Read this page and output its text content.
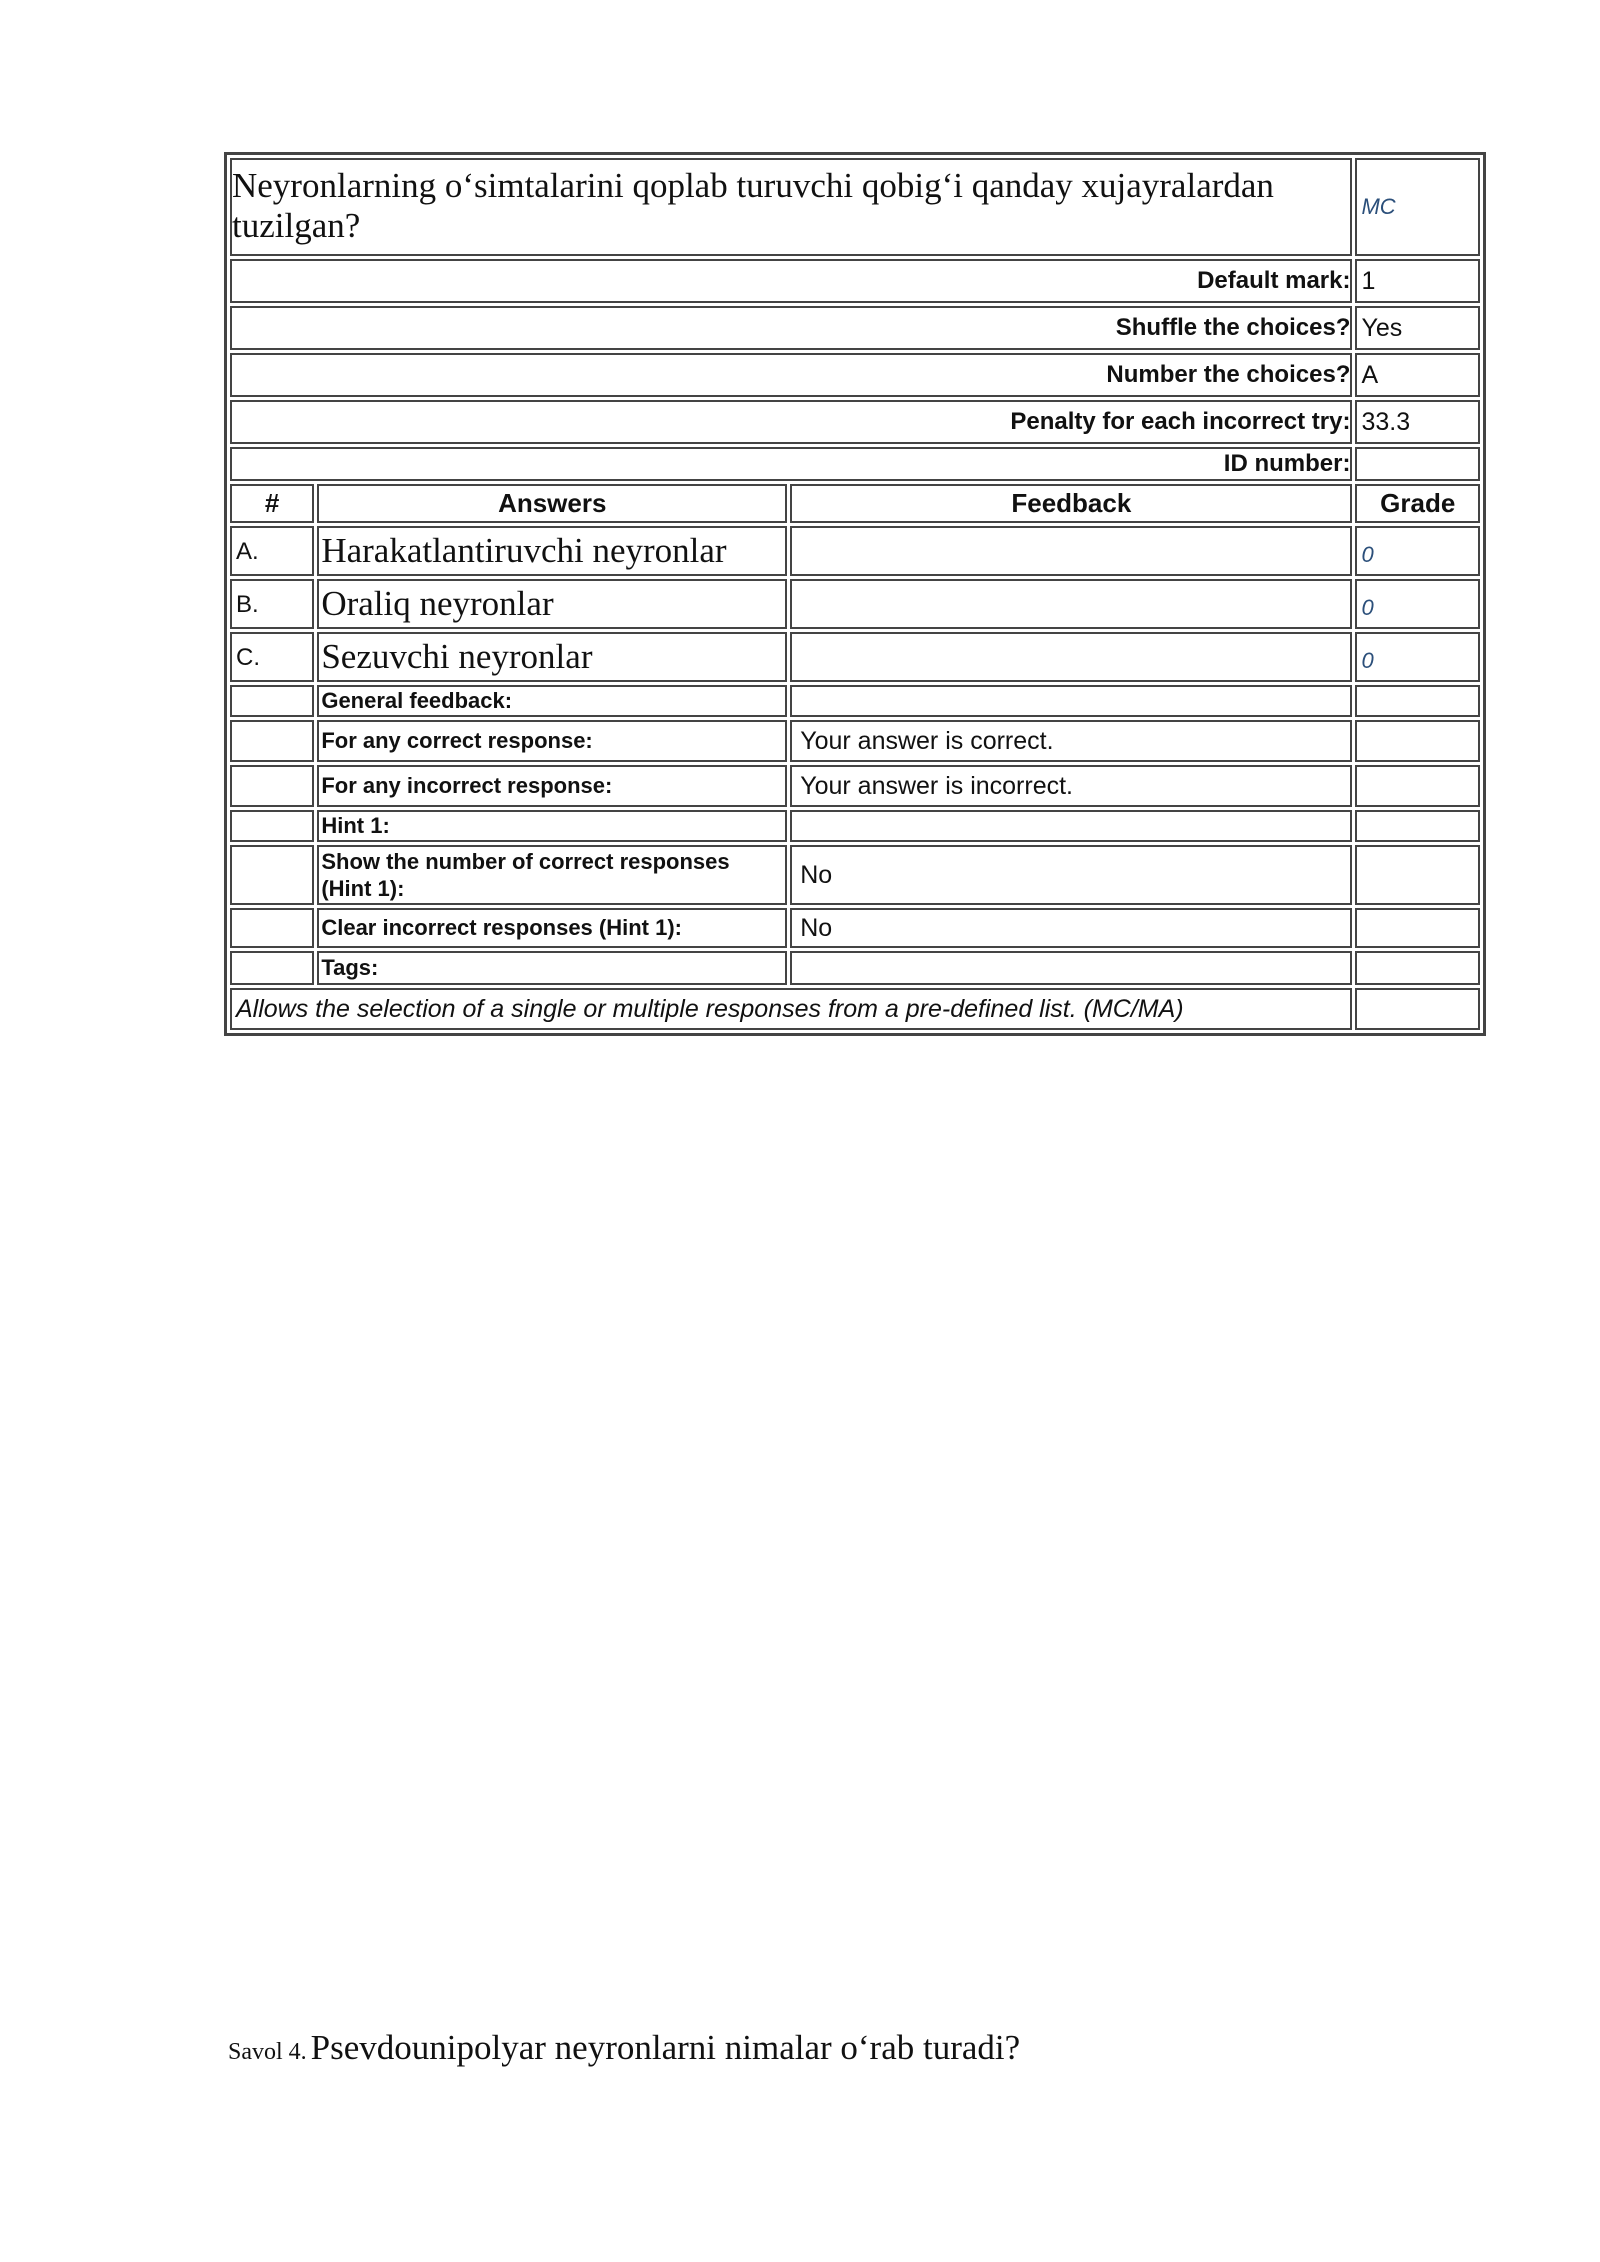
Neyronlarning o‘simtalarini qoplab turuvchi qobig‘i qanday xujayralardan tuzilgan?			MC
Default mark:			1
Shuffle the choices?			Yes
Number the choices?			A
Penalty for each incorrect try:			33.3
ID number:			
#	Answers	Feedback	Grade
A.	Harakatlantiruvchi neyronlar		0
B.	Oraliq neyronlar		0
C.	Sezuvchi neyronlar		0
	General feedback:		
	For any correct response:	Your answer is correct.	
	For any incorrect response:	Your answer is incorrect.	
	Hint 1:		
	Show the number of correct responses (Hint 1):	No	
	Clear incorrect responses (Hint 1):	No	
	Tags:		
Allows the selection of a single or multiple responses from a pre-defined list. (MC/MA)			
Savol 4. Psevdounipolyar neyronlarni nimalar o‘rab turadi?
